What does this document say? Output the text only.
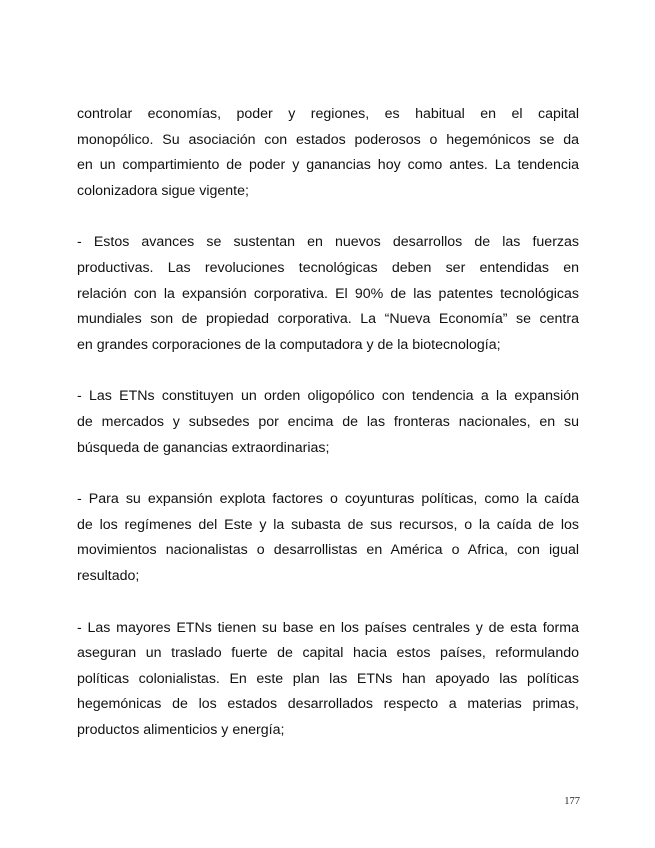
controlar economías, poder y regiones, es habitual en el capital
monopólico. Su asociación con estados poderosos o hegemónicos se da
en un compartimiento de poder y ganancias hoy como antes. La tendencia
colonizadora sigue vigente;

- Estos avances se sustentan en nuevos desarrollos de las fuerzas
productivas. Las revoluciones tecnológicas deben ser entendidas en
relación con la expansión corporativa. El 90% de las patentes tecnológicas
mundiales son de propiedad corporativa. La “Nueva Economía” se centra
en grandes corporaciones de la computadora y de la biotecnología;

- Las ETNs constituyen un orden oligopólico con tendencia a la expansión
de mercados y subsedes por encima de las fronteras nacionales, en su
búsqueda de ganancias extraordinarias;

- Para su expansión explota factores o coyunturas políticas, como la caída
de los regímenes del Este y la subasta de sus recursos, o la caída de los
movimientos nacionalistas o desarrollistas en América o Africa, con igual
resultado;

- Las mayores ETNs tienen su base en los países centrales y de esta forma
aseguran un traslado fuerte de capital hacia estos países, reformulando
políticas colonialistas. En este plan las ETNs han apoyado las políticas
hegemónicas de los estados desarrollados respecto a materias primas,
productos alimenticios y energía;

177
